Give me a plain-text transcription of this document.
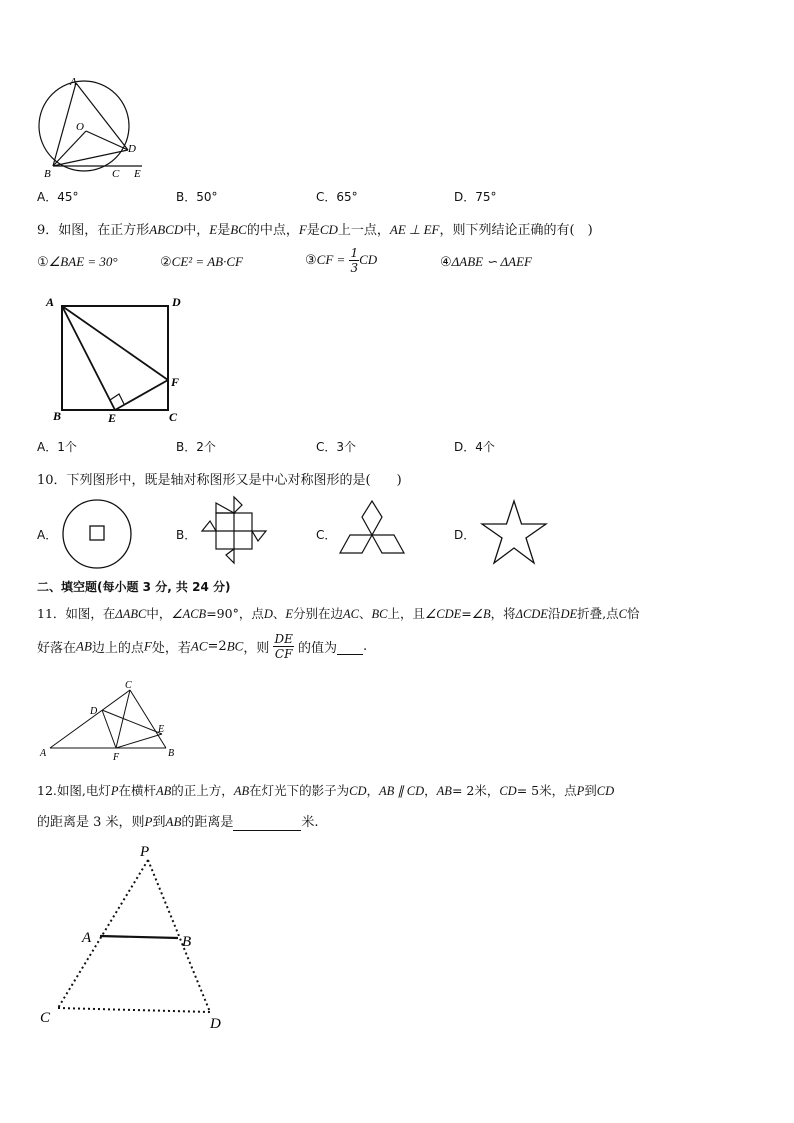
A
O
D
B	C E
A．45°	B．50°	C．65°	D．75°
9．如图，在正方形ABCD中，E是BC的中点，F是CD上一点，AE ⊥ EF，则下列结论正确的有(　)
①∠BAE = 30°	②CE² = AB·CF	③CF = $\frac{1}{3}$ CD	④ΔABE ∽ ΔAEF
A	D
B	E	C
F
A．1个	B．2个	C．3个	D．4个
10．下列图形中，既是轴对称图形又是中心对称图形的是(　　)
A．	B．	C．	D．
二、填空题(每小题 3 分, 共 24 分)
11．如图，在ΔABC中，∠ACB=90°，点D、E分别在边AC、BC上，且∠CDE=∠B，将ΔCDE沿DE折叠,点C恰
好落在AB边上的点F处，若AC=2BC，则 $\frac{DE}{CF}$ 的值为 .
C
D
E
A	F	B
12.如图,电灯P在横杆AB的正上方，AB在灯光下的影子为CD，AB ∥ CD，AB= 2米，CD= 5米，点P到CD
的距离是 3 米，则P到AB的距离是	米.
P
A	B
C	D
